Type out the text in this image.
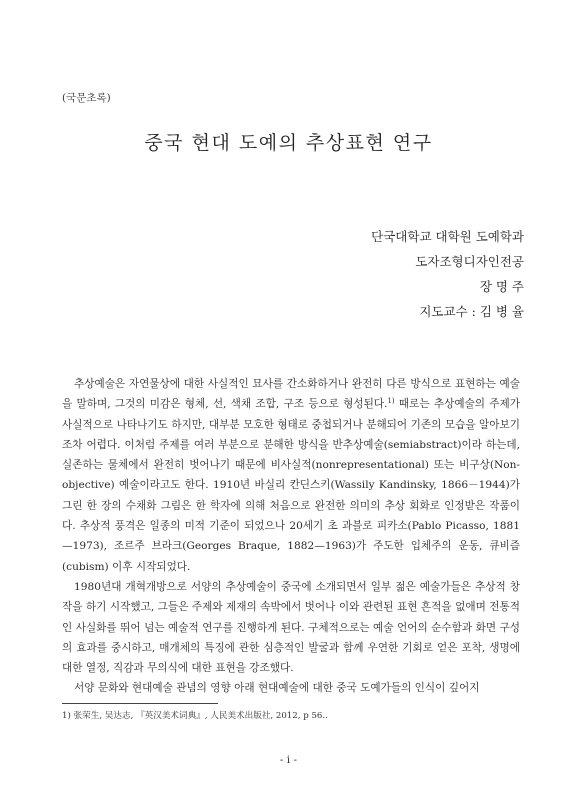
(국문초록)
중국 현대 도예의 추상표현 연구
단국대학교 대학원 도예학과
도자조형디자인전공
장 명 주
지도교수 : 김 병 율

추상예술은 자연물상에 대한 사실적인 묘사를 간소화하거나 완전히 다른 방식으로 표현하는 예술을 말하며, 그것의 미감은 형체, 선, 색채 조합, 구조 등으로 형성된다.$^{1)}$ 때로는 추상예술의 주제가 사실적으로 나타나기도 하지만, 대부분 모호한 형태로 중첩되거나 분해되어 기존의 모습을 알아보기조차 어렵다. 이처럼 주제를 여러 부분으로 분해한 방식을 반추상예술(semiabstract)이라 하는데, 실존하는 물체에서 완전히 벗어나기 때문에 비사실적(nonrepresentational) 또는 비구상(Non-objective) 예술이라고도 한다. 1910년 바실리 칸딘스키(Wassily Kandinsky, 1866－1944)가 그린 한 장의 수채화 그림은 한 학자에 의해 처음으로 완전한 의미의 추상 회화로 인정받은 작품이다. 추상적 풍격은 일종의 미적 기준이 되었으나 20세기 초 과블로 피카소(Pablo Picasso, 1881—1973), 조르주 브라크(Georges Braque, 1882—1963)가 주도한 입체주의 운동, 큐비즘(cubism) 이후 시작되었다.

1980년대 개혁개방으로 서양의 추상예술이 중국에 소개되면서 일부 젊은 예술가들은 추상적 창작을 하기 시작했고, 그들은 주제와 제재의 속박에서 벗어나 이와 관련된 표현 흔적을 없애며 전통적인 사실화를 뛰어 넘는 예술적 연구를 진행하게 된다. 구체적으로는 예술 언어의 순수함과 화면 구성의 효과를 중시하고, 매개체의 특징에 관한 심층적인 발굴과 함께 우연한 기회로 얻은 포착, 생명에 대한 열정, 직감과 무의식에 대한 표현을 강조했다.

서양 문화와 현대예술 관념의 영향 아래 현대예술에 대한 중국 도예가들의 인식이 깊어지

1) 张荣生, 吴达志, 『英汉美术词典』, 人民美术出版社, 2012, p 56..
- i -
